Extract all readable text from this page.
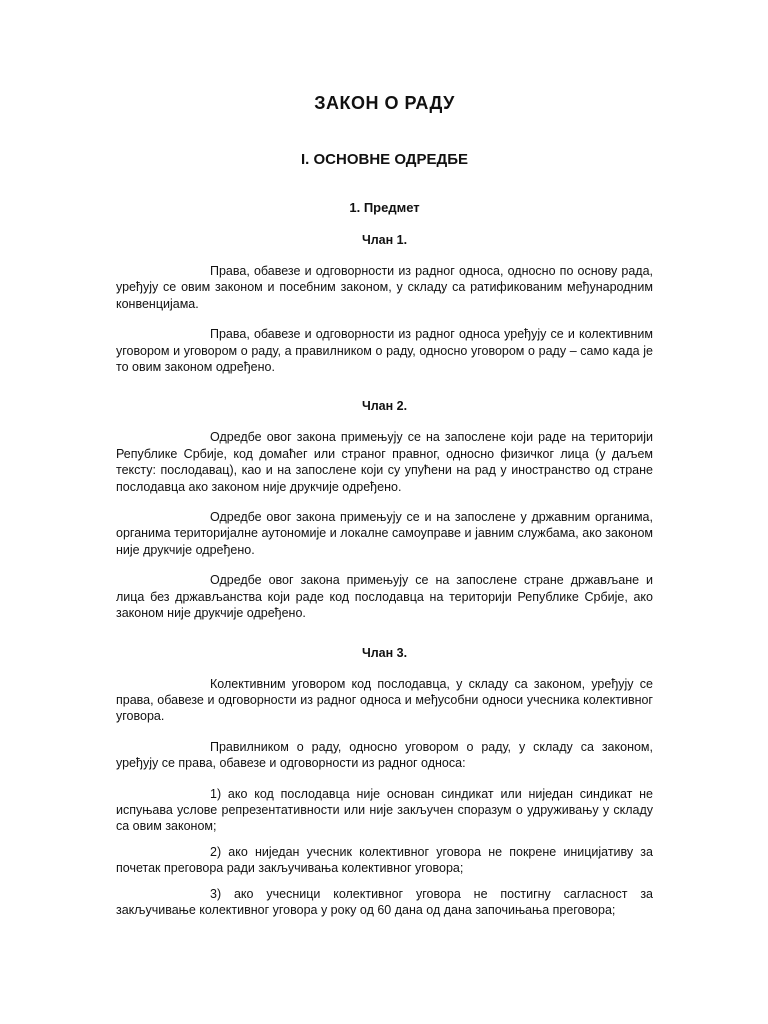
ЗАКОН О РАДУ
I. ОСНОВНЕ ОДРЕДБЕ
1. Предмет
Члан 1.

Права, обавезе и одговорности из радног односа, односно по основу рада, уређују се овим законом и посебним законом, у складу са ратификованим међународним конвенцијама.

Права, обавезе и одговорности из радног односа уређују се и колективним уговором и уговором о раду, а правилником о раду, односно уговором о раду – само када је то овим законом одређено.

Члан 2.

Одредбе овог закона примењују се на запослене који раде на територији Републике Србије, код домаћег или страног правног, односно физичког лица (у даљем тексту: послодавац), као и на запослене који су упућени на рад у иностранство од стране послодавца ако законом није друкчије одређено.

Одредбе овог закона примењују се и на запослене у државним органима, органима територијалне аутономије и локалне самоуправе и јавним службама, ако законом није друкчије одређено.

Одредбе овог закона примењују се на запослене стране држављане и лица без држављанства који раде код послодавца на територији Републике Србије, ако законом није друкчије одређено.

Члан 3.

Колективним уговором код послодавца, у складу са законом, уређују се права, обавезе и одговорности из радног односа и међусобни односи учесника колективног уговора.

Правилником о раду, односно уговором о раду, у складу са законом, уређују се права, обавезе и одговорности из радног односа:

1) ако код послодавца није основан синдикат или ниједан синдикат не испуњава услове репрезентативности или није закључен споразум о удруживању у складу са овим законом;

2) ако ниједан учесник колективног уговора не покрене иницијативу за почетак преговора ради закључивања колективног уговора;

3) ако учесници колективног уговора не постигну сагласност за закључивање колективног уговора у року од 60 дана од дана започињања преговора;
